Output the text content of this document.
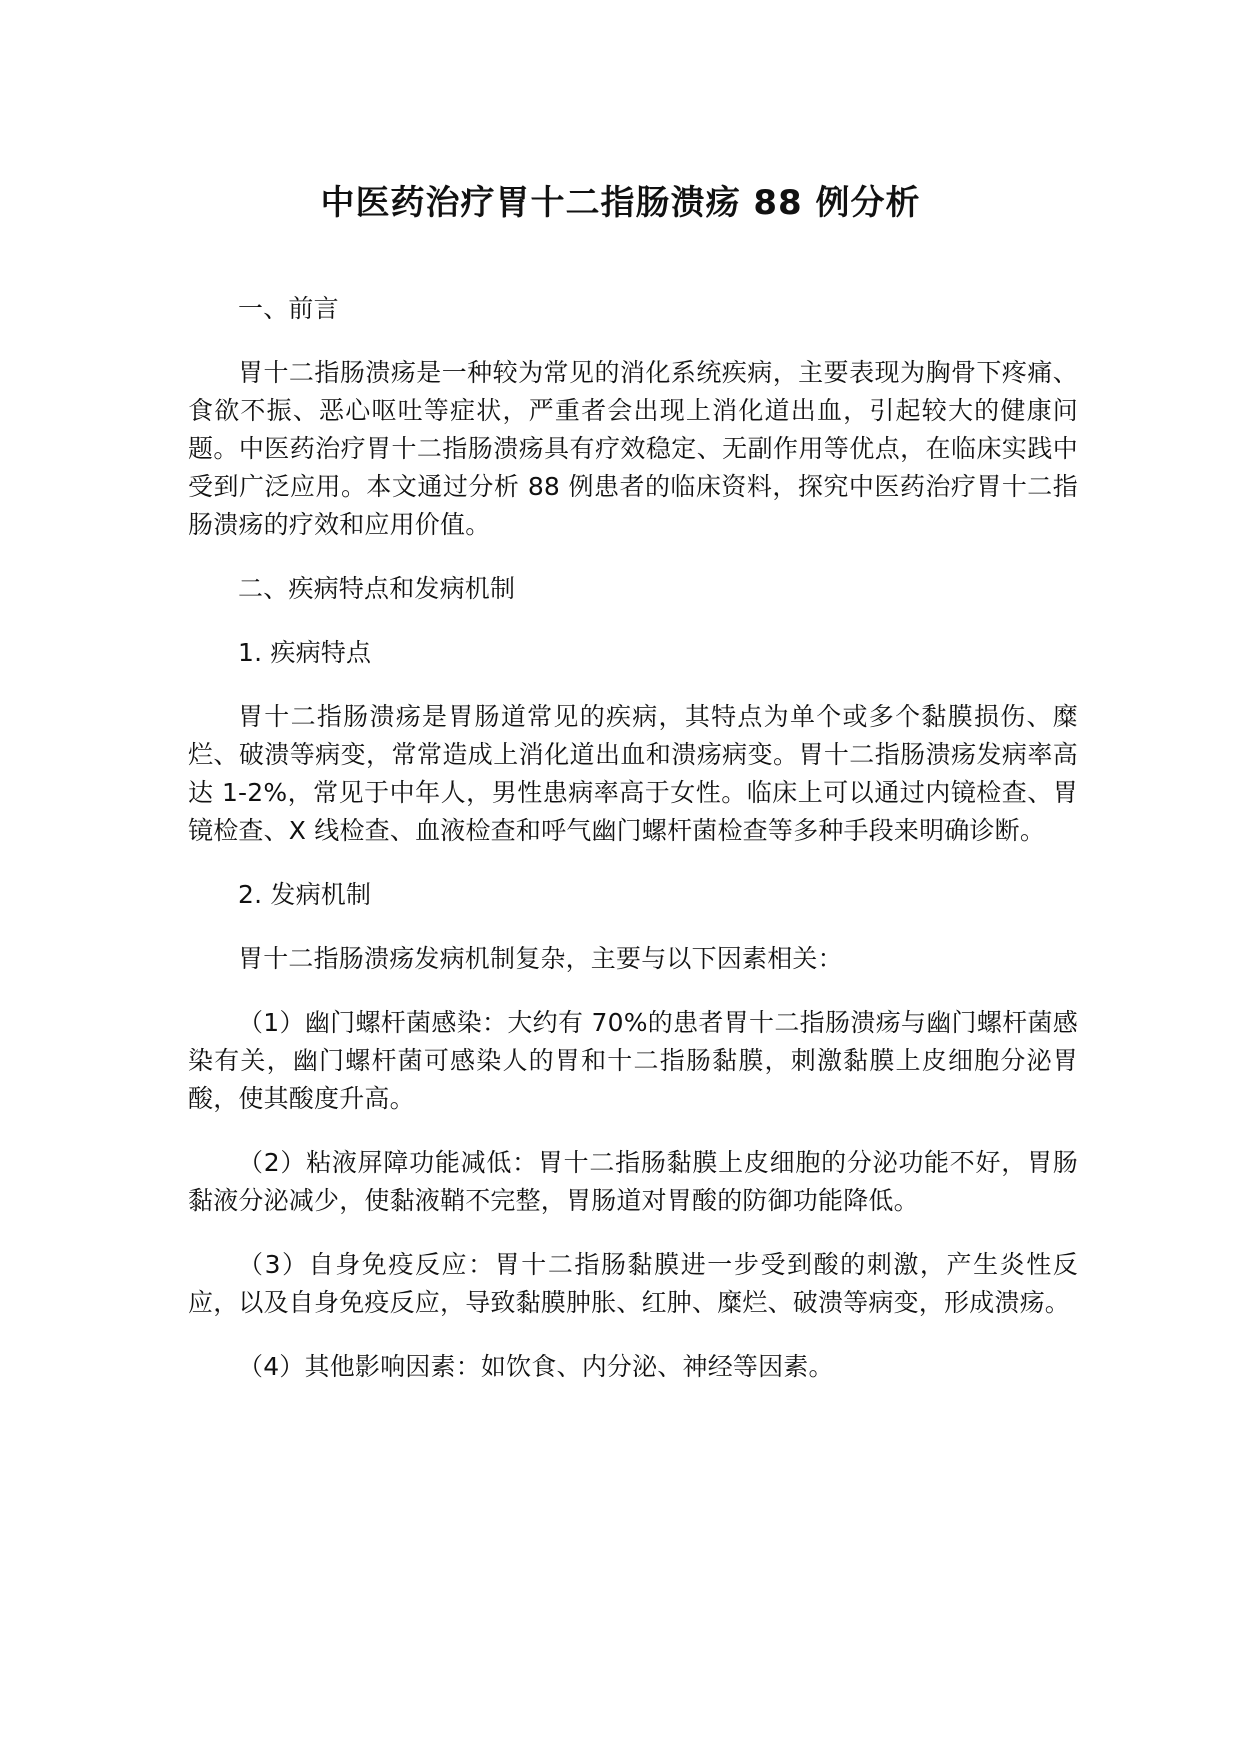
中医药治疗胃十二指肠溃疡 88 例分析

一、前言

胃十二指肠溃疡是一种较为常见的消化系统疾病，主要表现为胸骨下疼痛、食欲不振、恶心呕吐等症状，严重者会出现上消化道出血，引起较大的健康问题。中医药治疗胃十二指肠溃疡具有疗效稳定、无副作用等优点，在临床实践中受到广泛应用。本文通过分析 88 例患者的临床资料，探究中医药治疗胃十二指肠溃疡的疗效和应用价值。

二、疾病特点和发病机制

1. 疾病特点

胃十二指肠溃疡是胃肠道常见的疾病，其特点为单个或多个黏膜损伤、糜烂、破溃等病变，常常造成上消化道出血和溃疡病变。胃十二指肠溃疡发病率高达 1-2%，常见于中年人，男性患病率高于女性。临床上可以通过内镜检查、胃镜检查、X 线检查、血液检查和呼气幽门螺杆菌检查等多种手段来明确诊断。

2. 发病机制

胃十二指肠溃疡发病机制复杂，主要与以下因素相关：

（1）幽门螺杆菌感染：大约有 70%的患者胃十二指肠溃疡与幽门螺杆菌感染有关，幽门螺杆菌可感染人的胃和十二指肠黏膜，刺激黏膜上皮细胞分泌胃酸，使其酸度升高。

（2）粘液屏障功能减低：胃十二指肠黏膜上皮细胞的分泌功能不好，胃肠黏液分泌减少，使黏液鞘不完整，胃肠道对胃酸的防御功能降低。

（3）自身免疫反应：胃十二指肠黏膜进一步受到酸的刺激，产生炎性反应，以及自身免疫反应，导致黏膜肿胀、红肿、糜烂、破溃等病变，形成溃疡。

（4）其他影响因素：如饮食、内分泌、神经等因素。
